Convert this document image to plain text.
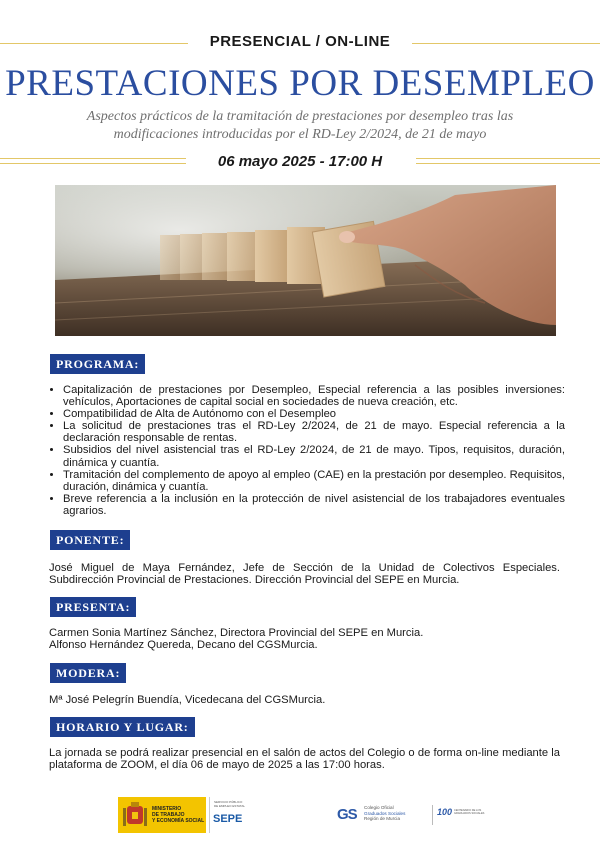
PRESENCIAL / ON-LINE
PRESTACIONES POR DESEMPLEO
Aspectos prácticos de la tramitación de prestaciones por desempleo tras las
modificaciones introducidas por el RD-Ley 2/2024, de 21 de mayo
06 mayo 2025 - 17:00 H
PROGRAMA:
• Capitalización de prestaciones por Desempleo, Especial referencia a las posibles inversiones: vehículos, Aportaciones de capital social en sociedades de nueva creación, etc.
• Compatibilidad de Alta de Autónomo con el Desempleo
• La solicitud de prestaciones tras el RD-Ley 2/2024, de 21 de mayo. Especial referencia a la declaración responsable de rentas.
• Subsidios del nivel asistencial tras el RD-Ley 2/2024, de 21 de mayo. Tipos, requisitos, duración, dinámica y cuantía.
• Tramitación del complemento de apoyo al empleo (CAE) en la prestación por desempleo. Requisitos, duración, dinámica y cuantía.
• Breve referencia a la inclusión en la protección de nivel asistencial de los trabajadores eventuales agrarios.
PONENTE:
José Miguel de Maya Fernández, Jefe de Sección de la Unidad de Colectivos Especiales. Subdirección Provincial de Prestaciones. Dirección Provincial del SEPE en Murcia.
PRESENTA:
Carmen Sonia Martínez Sánchez, Directora Provincial del SEPE en Murcia.
Alfonso Hernández Quereda, Decano del CGSMurcia.
MODERA:
Mª José Pelegrín Buendía, Vicedecana del CGSMurcia.
HORARIO Y LUGAR:
La jornada se podrá realizar presencial en el salón de actos del Colegio o de forma on-line mediante la plataforma de ZOOM, el día 06 de mayo de 2025 a las 17:00 horas.
MINISTERIO
DE TRABAJO
Y ECONOMÍA SOCIAL
SERVICIO PÚBLICO DE EMPLEO ESTATAL
SEPE	GS Colegio Oficial
Graduados Sociales
Región de Murcia
100 CENTENARIO DE LOS GRADUADOS SOCIALES
